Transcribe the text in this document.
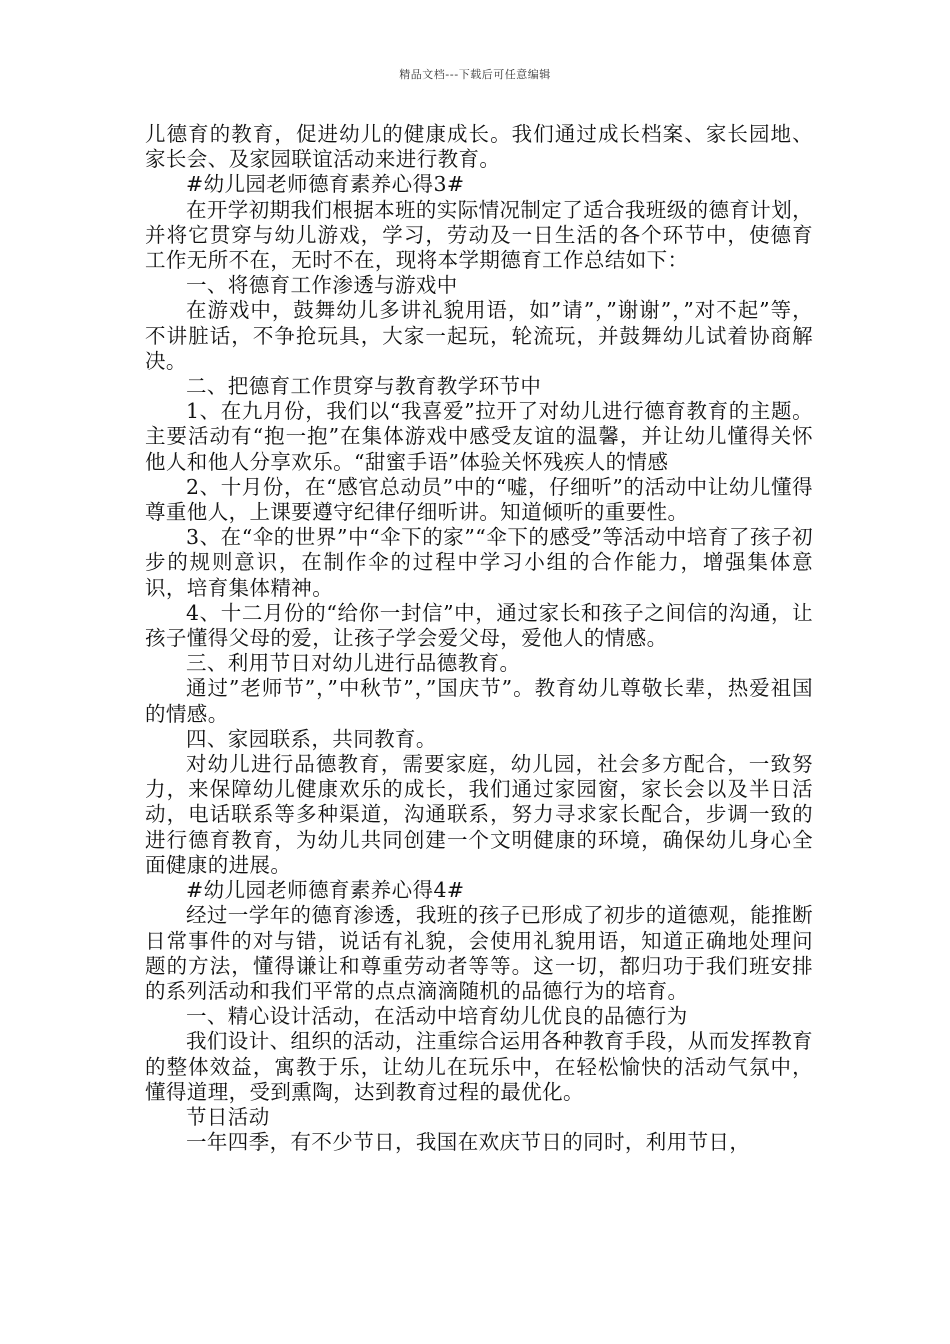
精品文档---下载后可任意编辑

儿德育的教育，促进幼儿的健康成长。我们通过成长档案、家长园地、家长会、及家园联谊活动来进行教育。

#幼儿园老师德育素养心得3#

在开学初期我们根据本班的实际情况制定了适合我班级的德育计划，并将它贯穿与幼儿游戏，学习，劳动及一日生活的各个环节中，使德育工作无所不在，无时不在，现将本学期德育工作总结如下：

一、将德育工作渗透与游戏中

在游戏中，鼓舞幼儿多讲礼貌用语，如”请”，”谢谢”，”对不起”等，不讲脏话，不争抢玩具，大家一起玩，轮流玩，并鼓舞幼儿试着协商解决。

二、把德育工作贯穿与教育教学环节中

1、在九月份，我们以“我喜爱”拉开了对幼儿进行德育教育的主题。主要活动有“抱一抱”在集体游戏中感受友谊的温馨，并让幼儿懂得关怀他人和他人分享欢乐。“甜蜜手语”体验关怀残疾人的情感

2、十月份，在“感官总动员”中的“嘘，仔细听”的活动中让幼儿懂得尊重他人，上课要遵守纪律仔细听讲。知道倾听的重要性。

3、在“伞的世界”中“伞下的家”“伞下的感受”等活动中培育了孩子初步的规则意识，在制作伞的过程中学习小组的合作能力，增强集体意识，培育集体精神。

4、十二月份的“给你一封信”中，通过家长和孩子之间信的沟通，让孩子懂得父母的爱，让孩子学会爱父母，爱他人的情感。

三、利用节日对幼儿进行品德教育。

通过”老师节”，”中秋节”，”国庆节”。教育幼儿尊敬长辈，热爱祖国的情感。

四、家园联系，共同教育。

对幼儿进行品德教育，需要家庭，幼儿园，社会多方配合，一致努力，来保障幼儿健康欢乐的成长，我们通过家园窗，家长会以及半日活动，电话联系等多种渠道，沟通联系，努力寻求家长配合，步调一致的进行德育教育，为幼儿共同创建一个文明健康的环境，确保幼儿身心全面健康的进展。

#幼儿园老师德育素养心得4#

经过一学年的德育渗透，我班的孩子已形成了初步的道德观，能推断日常事件的对与错，说话有礼貌，会使用礼貌用语，知道正确地处理问题的方法，懂得谦让和尊重劳动者等等。这一切，都归功于我们班安排的系列活动和我们平常的点点滴滴随机的品德行为的培育。

一、精心设计活动，在活动中培育幼儿优良的品德行为

我们设计、组织的活动，注重综合运用各种教育手段，从而发挥教育的整体效益，寓教于乐，让幼儿在玩乐中，在轻松愉快的活动气氛中，懂得道理，受到熏陶，达到教育过程的最优化。

节日活动

一年四季，有不少节日，我国在欢庆节日的同时，利用节日，
